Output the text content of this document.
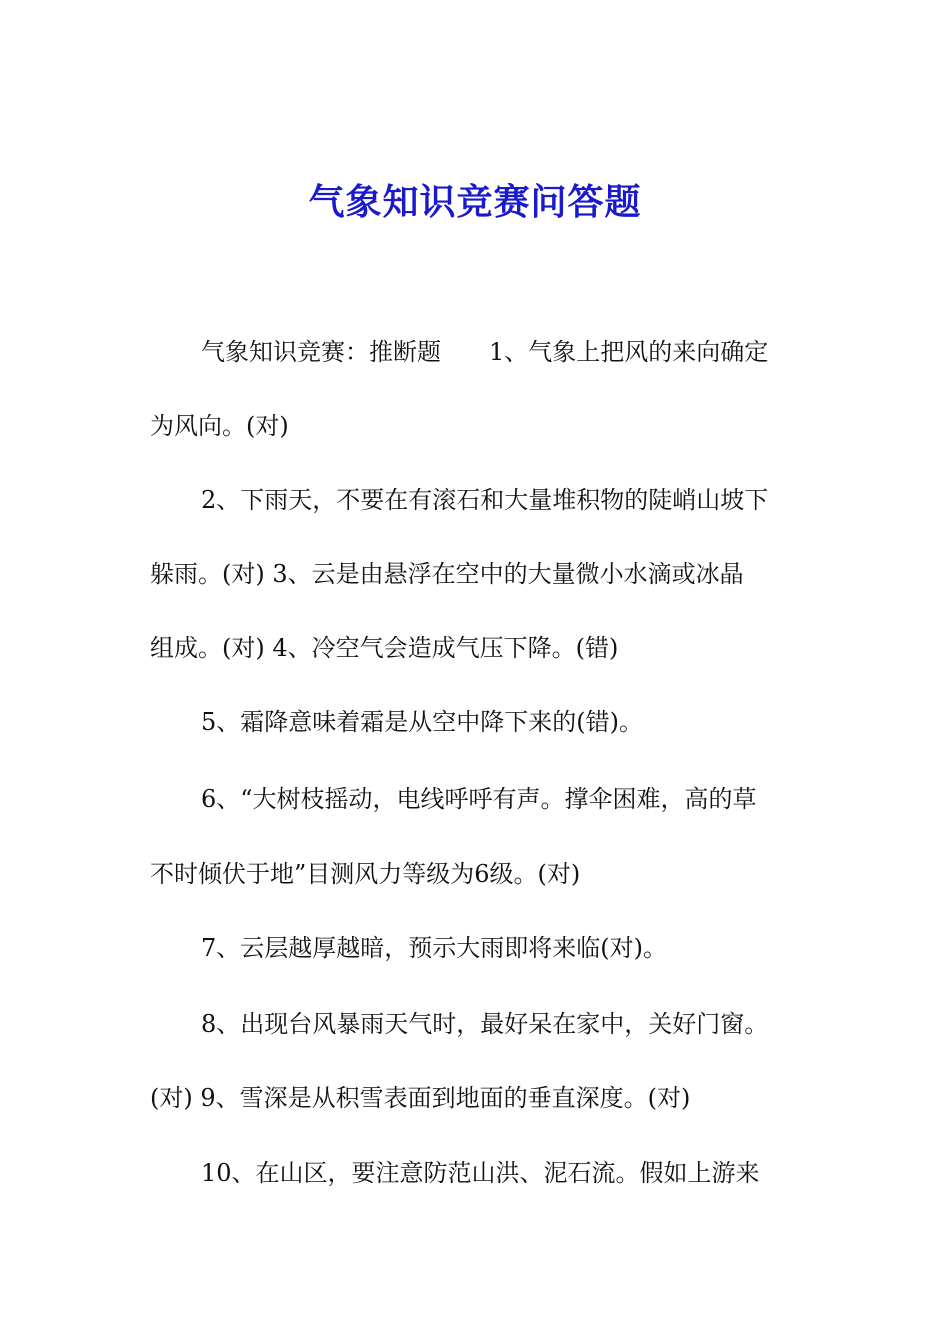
气象知识竞赛问答题
气象知识竞赛：推断题　　1、气象上把风的来向确定
为风向。(对)
2、下雨天，不要在有滚石和大量堆积物的陡峭山坡下
躲雨。(对) 3、云是由悬浮在空中的大量微小水滴或冰晶
组成。(对) 4、冷空气会造成气压下降。(错)
5、霜降意味着霜是从空中降下来的(错)。
6、“大树枝摇动，电线呼呼有声。撑伞困难，高的草
不时倾伏于地”目测风力等级为6级。(对)
7、云层越厚越暗，预示大雨即将来临(对)。
8、出现台风暴雨天气时，最好呆在家中，关好门窗。
(对) 9、雪深是从积雪表面到地面的垂直深度。(对)
10、在山区，要注意防范山洪、泥石流。假如上游来
